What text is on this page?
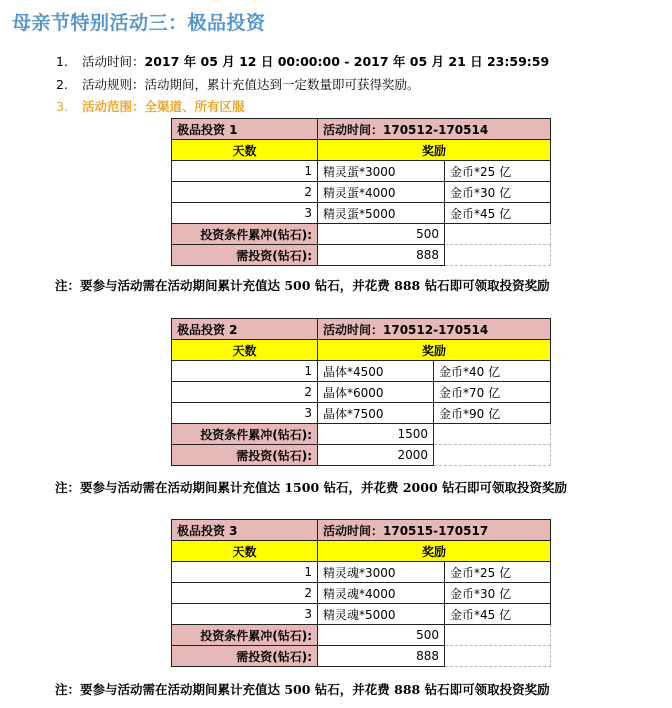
母亲节特别活动三：极品投资
1. 活动时间：2017 年 05 月 12 日 00:00:00 - 2017 年 05 月 21 日 23:59:59
2. 活动规则：活动期间，累计充值达到一定数量即可获得奖励。
3. 活动范围：全渠道、所有区服
极品投资 1	活动时间：170512-170514	
天数	奖励	
1	精灵蛋*3000	金币*25 亿
2	精灵蛋*4000	金币*30 亿
3	精灵蛋*5000	金币*45 亿
投资条件累冲(钻石):	500	
需投资(钻石):	888	
注：要参与活动需在活动期间累计充值达 500 钻石，并花费 888 钻石即可领取投资奖励
极品投资 2	活动时间：170512-170514	
天数	奖励	
1	晶体*4500	金币*40 亿
2	晶体*6000	金币*70 亿
3	晶体*7500	金币*90 亿
投资条件累冲(钻石):	1500	
需投资(钻石):	2000	
注：要参与活动需在活动期间累计充值达 1500 钻石，并花费 2000 钻石即可领取投资奖励
极品投资 3	活动时间：170515-170517	
天数	奖励	
1	精灵魂*3000	金币*25 亿
2	精灵魂*4000	金币*30 亿
3	精灵魂*5000	金币*45 亿
投资条件累冲(钻石):	500	
需投资(钻石):	888	
注：要参与活动需在活动期间累计充值达 500 钻石，并花费 888 钻石即可领取投资奖励
